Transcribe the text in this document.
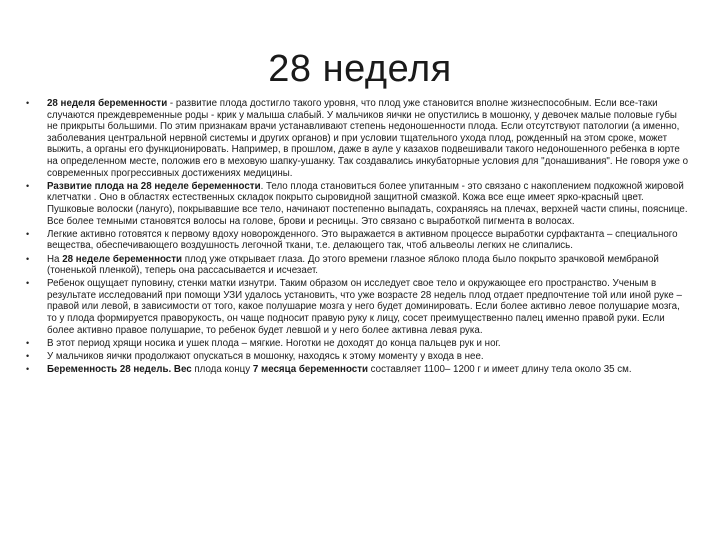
28 неделя
• 28 неделя беременности - развитие плода достигло такого уровня, что плод уже становится вполне жизнеспособным. Если все-таки случаются преждевременные роды - крик у малыша слабый. У мальчиков яички не опустились в мошонку, у девочек малые половые губы не прикрыты большими. По этим признакам врачи устанавливают степень недоношенности плода. Если отсутствуют патологии (а именно, заболевания центральной нервной системы и других органов) и при условии тщательного ухода плод, рожденный на этом сроке, может выжить, а органы его функционировать. Например, в прошлом, даже в ауле у казахов подвешивали такого недоношенного ребенка в юрте на определенном месте, положив его в меховую шапку-ушанку. Так создавались инкубаторные условия для "донашивания". Не говоря уже о современных прогрессивных достижениях медицины.
• Развитие плода на 28 неделе беременности. Тело плода становиться более упитанным - это связано с накоплением подкожной жировой клетчатки . Оно в областях естественных складок покрыто сыровидной защитной смазкой. Кожа все еще имеет ярко-красный цвет. Пушковые волоски (лануго), покрывавшие все тело, начинают постепенно выпадать, сохраняясь на плечах, верхней части спины, пояснице. Все более темными становятся волосы на голове, брови и ресницы. Это связано с выработкой пигмента в волосах.
• Легкие активно готовятся к первому вдоху новорожденного. Это выражается в активном процессе выработки сурфактанта – специального вещества, обеспечивающего воздушность легочной ткани, т.е. делающего так, чтоб альвеолы легких не слипались.
• На 28 неделе беременности плод уже открывает глаза. До этого времени глазное яблоко плода было покрыто зрачковой мембраной (тоненькой пленкой), теперь она рассасывается и исчезает.
• Ребенок ощущает пуповину, стенки матки изнутри. Таким образом он исследует свое тело и окружающее его пространство. Ученым в результате исследований при помощи УЗИ удалось установить, что уже возрасте 28 недель плод отдает предпочтение той или иной руке – правой или левой, в зависимости от того, какое полушарие мозга у него будет доминировать. Если более активно левое полушарие мозга, то у плода формируется праворукость, он чаще подносит правую руку к лицу, сосет преимущественно палец именно правой руки. Если более активно правое полушарие, то ребенок будет левшой и у него более активна левая рука.
• В этот период хрящи носика и ушек плода – мягкие. Ноготки не доходят до конца пальцев рук и ног.
• У мальчиков яички продолжают опускаться в мошонку, находясь к этому моменту у входа в нее.
• Беременность 28 недель. Вес плода концу 7 месяца беременности составляет 1100– 1200 г и имеет длину тела около 35 см.
